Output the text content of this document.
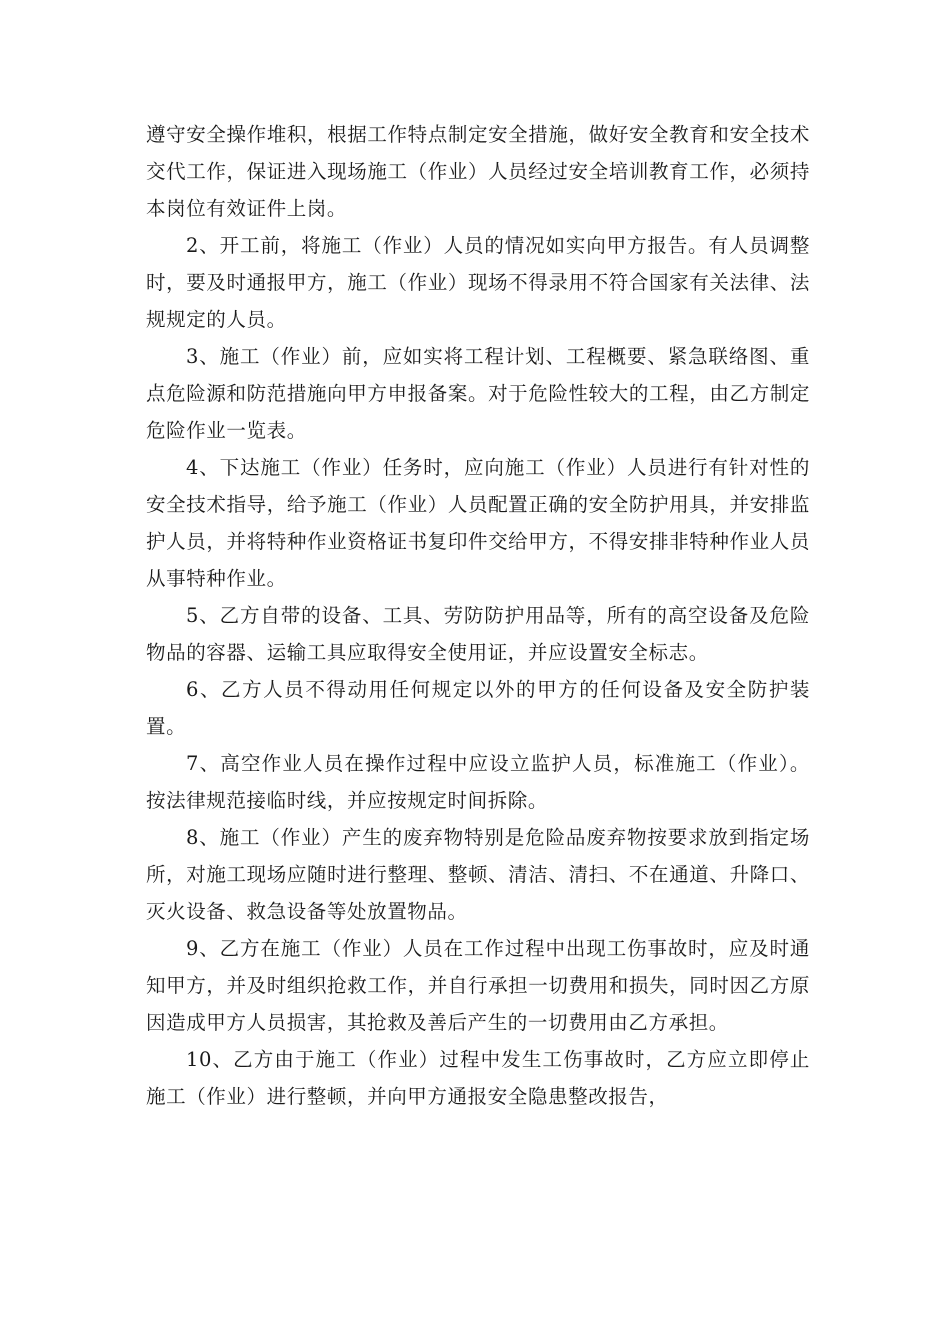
遵守安全操作堆积，根据工作特点制定安全措施，做好安全教育和安全技术交代工作，保证进入现场施工（作业）人员经过安全培训教育工作，必须持本岗位有效证件上岗。

2、开工前，将施工（作业）人员的情况如实向甲方报告。有人员调整时，要及时通报甲方，施工（作业）现场不得录用不符合国家有关法律、法规规定的人员。

3、施工（作业）前，应如实将工程计划、工程概要、紧急联络图、重点危险源和防范措施向甲方申报备案。对于危险性较大的工程，由乙方制定危险作业一览表。

4、下达施工（作业）任务时，应向施工（作业）人员进行有针对性的安全技术指导，给予施工（作业）人员配置正确的安全防护用具，并安排监护人员，并将特种作业资格证书复印件交给甲方，不得安排非特种作业人员从事特种作业。

5、乙方自带的设备、工具、劳防防护用品等，所有的高空设备及危险物品的容器、运输工具应取得安全使用证，并应设置安全标志。

6、乙方人员不得动用任何规定以外的甲方的任何设备及安全防护装置。

7、高空作业人员在操作过程中应设立监护人员，标准施工（作业）。按法律规范接临时线，并应按规定时间拆除。

8、施工（作业）产生的废弃物特别是危险品废弃物按要求放到指定场所，对施工现场应随时进行整理、整顿、清洁、清扫、不在通道、升降口、灭火设备、救急设备等处放置物品。

9、乙方在施工（作业）人员在工作过程中出现工伤事故时，应及时通知甲方，并及时组织抢救工作，并自行承担一切费用和损失，同时因乙方原因造成甲方人员损害，其抢救及善后产生的一切费用由乙方承担。

10、乙方由于施工（作业）过程中发生工伤事故时，乙方应立即停止施工（作业）进行整顿，并向甲方通报安全隐患整改报告，
